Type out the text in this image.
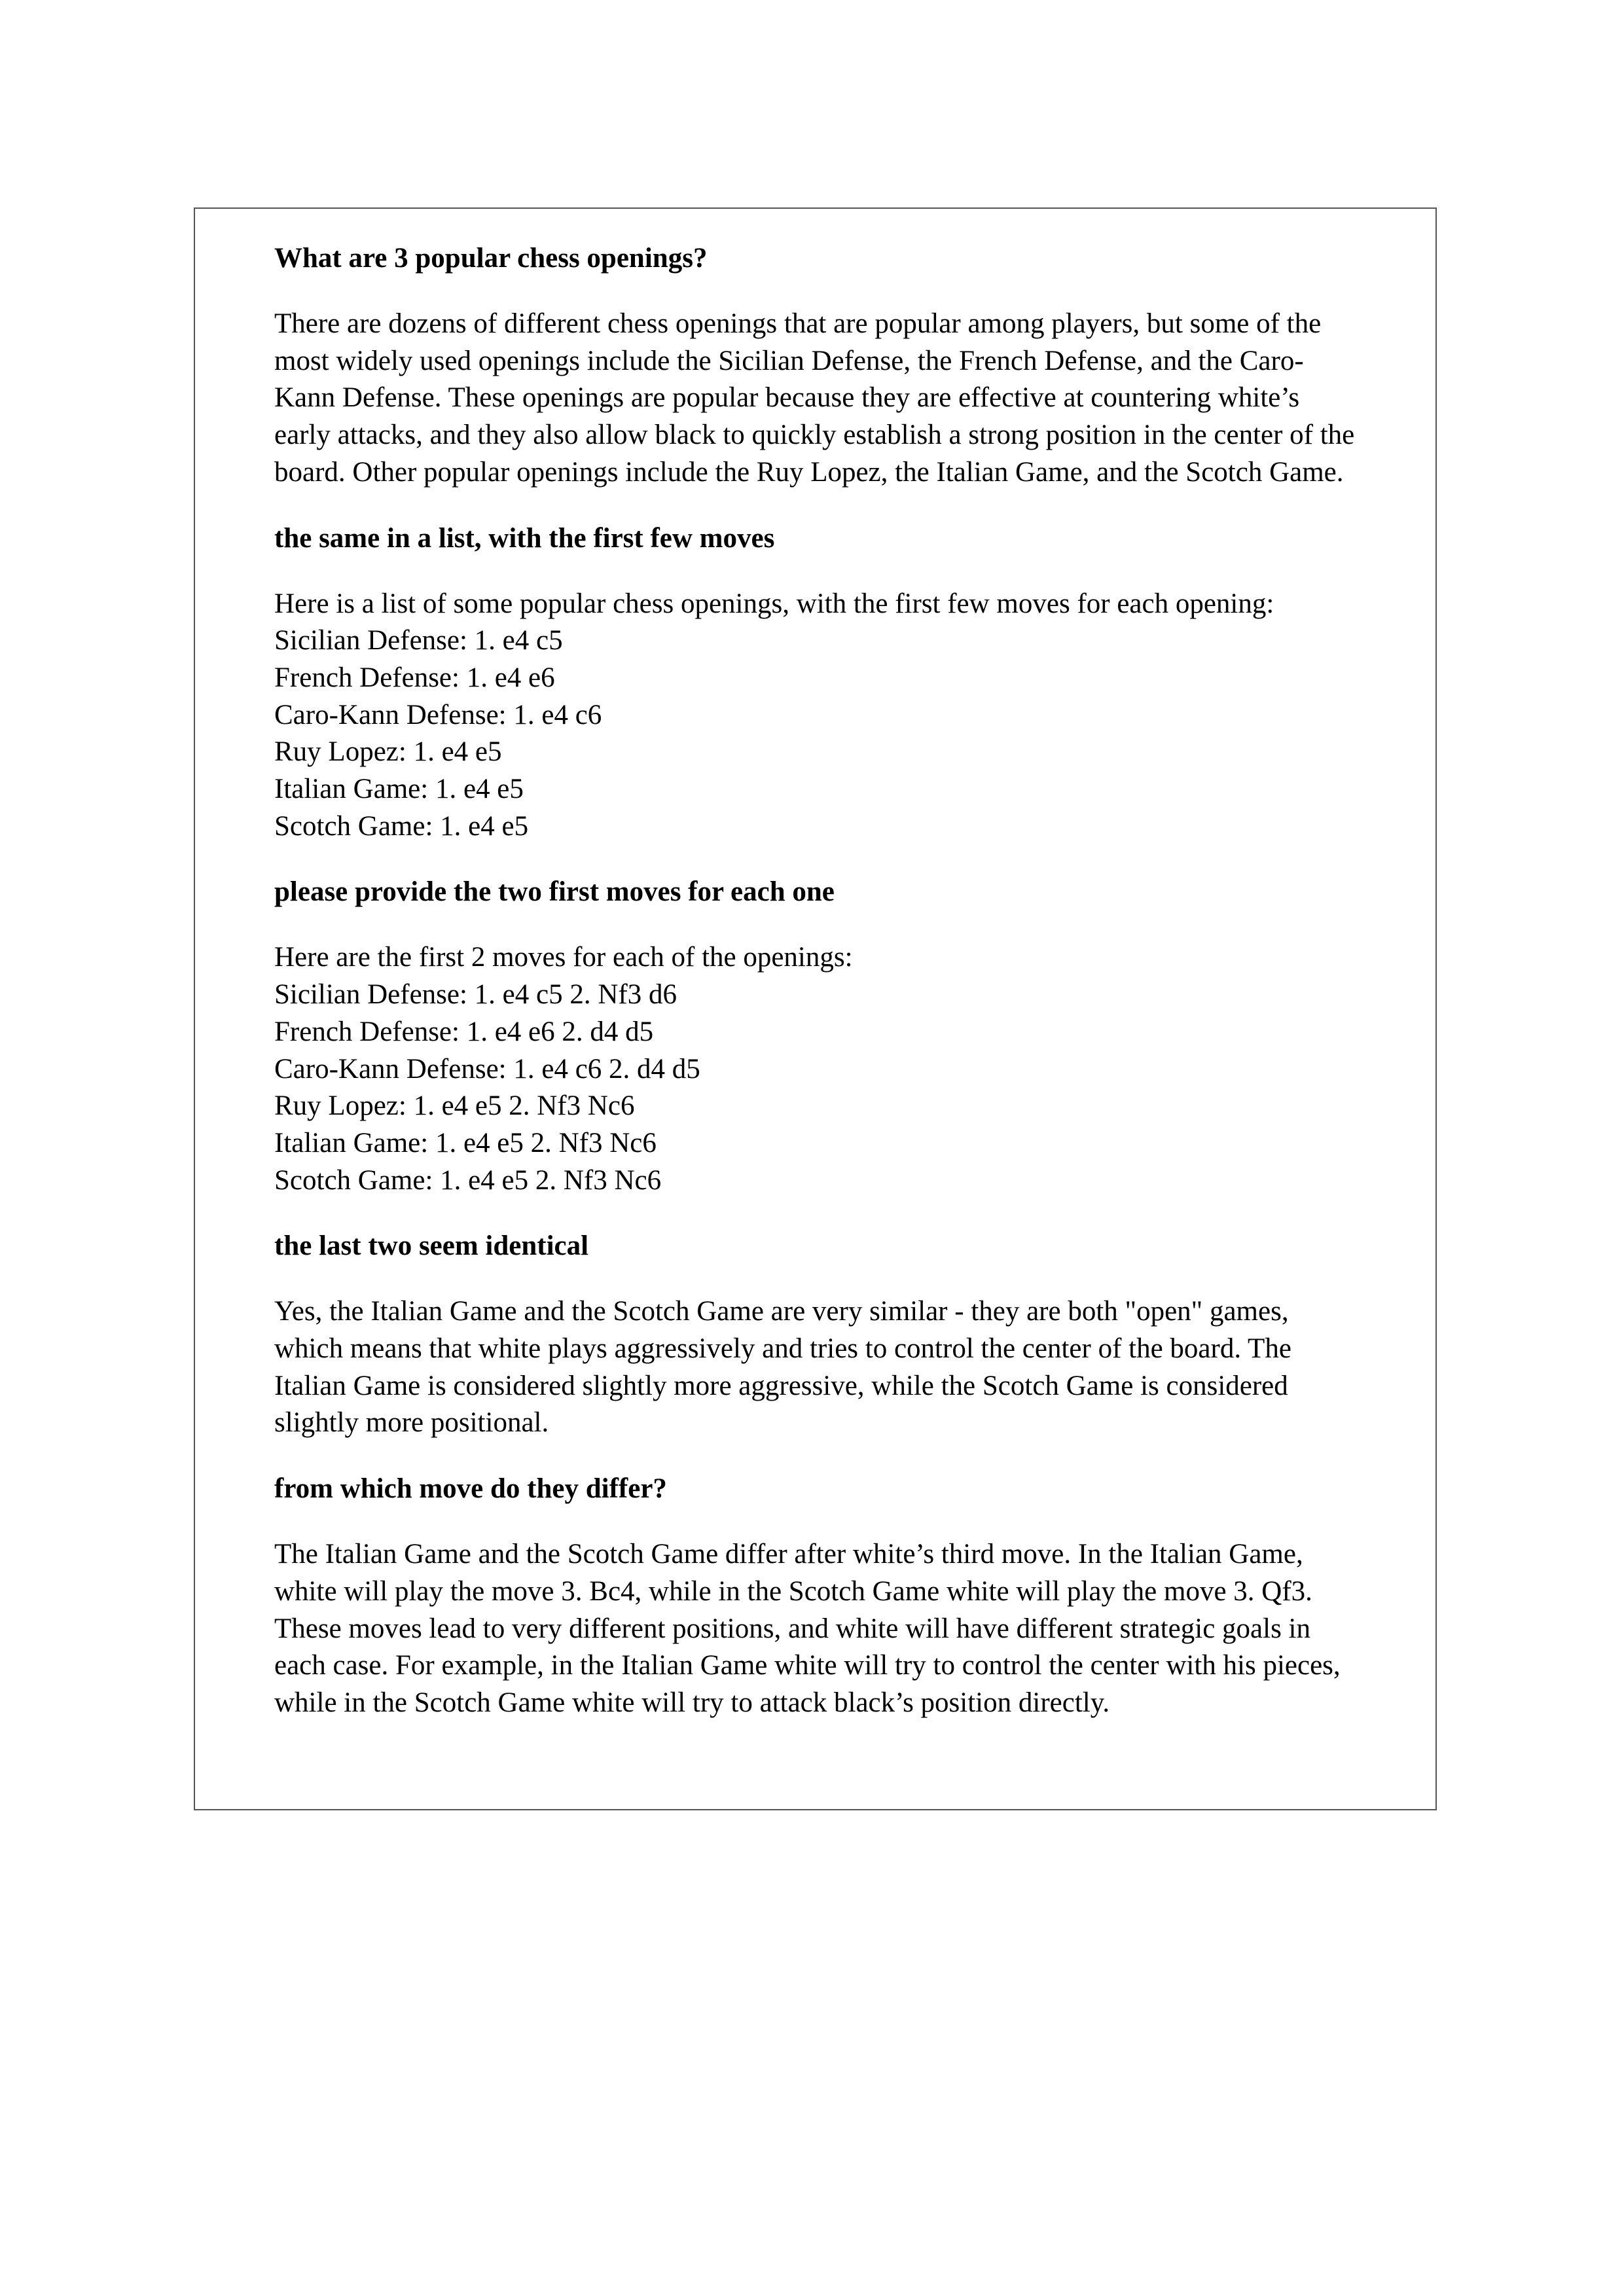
What are 3 popular chess openings?

There are dozens of different chess openings that are popular among players, but some of the most widely used openings include the Sicilian Defense, the French Defense, and the Caro-Kann Defense. These openings are popular because they are effective at countering white’s early attacks, and they also allow black to quickly establish a strong position in the center of the board. Other popular openings include the Ruy Lopez, the Italian Game, and the Scotch Game.

the same in a list, with the first few moves

Here is a list of some popular chess openings, with the first few moves for each opening:

Sicilian Defense: 1. e4 c5

French Defense: 1. e4 e6

Caro-Kann Defense: 1. e4 c6

Ruy Lopez: 1. e4 e5

Italian Game: 1. e4 e5

Scotch Game: 1. e4 e5

please provide the two first moves for each one

Here are the first 2 moves for each of the openings:

Sicilian Defense: 1. e4 c5 2. Nf3 d6

French Defense: 1. e4 e6 2. d4 d5

Caro-Kann Defense: 1. e4 c6 2. d4 d5

Ruy Lopez: 1. e4 e5 2. Nf3 Nc6

Italian Game: 1. e4 e5 2. Nf3 Nc6

Scotch Game: 1. e4 e5 2. Nf3 Nc6

the last two seem identical

Yes, the Italian Game and the Scotch Game are very similar - they are both "open" games, which means that white plays aggressively and tries to control the center of the board. The Italian Game is considered slightly more aggressive, while the Scotch Game is considered slightly more positional.

from which move do they differ?

The Italian Game and the Scotch Game differ after white’s third move. In the Italian Game, white will play the move 3. Bc4, while in the Scotch Game white will play the move 3. Qf3. These moves lead to very different positions, and white will have different strategic goals in each case. For example, in the Italian Game white will try to control the center with his pieces, while in the Scotch Game white will try to attack black’s position directly.
